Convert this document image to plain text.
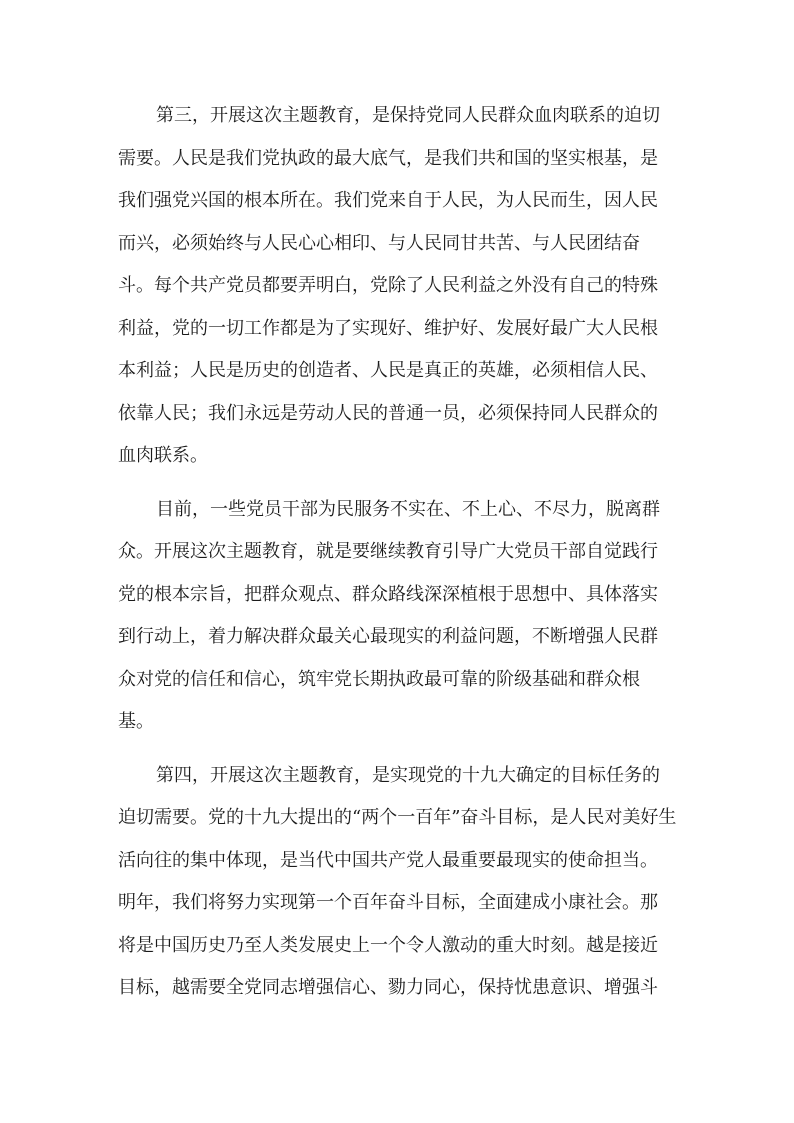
第三，开展这次主题教育，是保持党同人民群众血肉联系的迫切
需要。人民是我们党执政的最大底气，是我们共和国的坚实根基，是
我们强党兴国的根本所在。我们党来自于人民，为人民而生，因人民
而兴，必须始终与人民心心相印、与人民同甘共苦、与人民团结奋
斗。每个共产党员都要弄明白，党除了人民利益之外没有自己的特殊
利益，党的一切工作都是为了实现好、维护好、发展好最广大人民根
本利益；人民是历史的创造者、人民是真正的英雄，必须相信人民、
依靠人民；我们永远是劳动人民的普通一员，必须保持同人民群众的
血肉联系。
目前，一些党员干部为民服务不实在、不上心、不尽力，脱离群
众。开展这次主题教育，就是要继续教育引导广大党员干部自觉践行
党的根本宗旨，把群众观点、群众路线深深植根于思想中、具体落实
到行动上，着力解决群众最关心最现实的利益问题，不断增强人民群
众对党的信任和信心，筑牢党长期执政最可靠的阶级基础和群众根
基。
第四，开展这次主题教育，是实现党的十九大确定的目标任务的
迫切需要。党的十九大提出的“两个一百年”奋斗目标，是人民对美好生
活向往的集中体现，是当代中国共产党人最重要最现实的使命担当。
明年，我们将努力实现第一个百年奋斗目标，全面建成小康社会。那
将是中国历史乃至人类发展史上一个令人激动的重大时刻。越是接近
目标，越需要全党同志增强信心、勠力同心，保持忧患意识、增强斗
